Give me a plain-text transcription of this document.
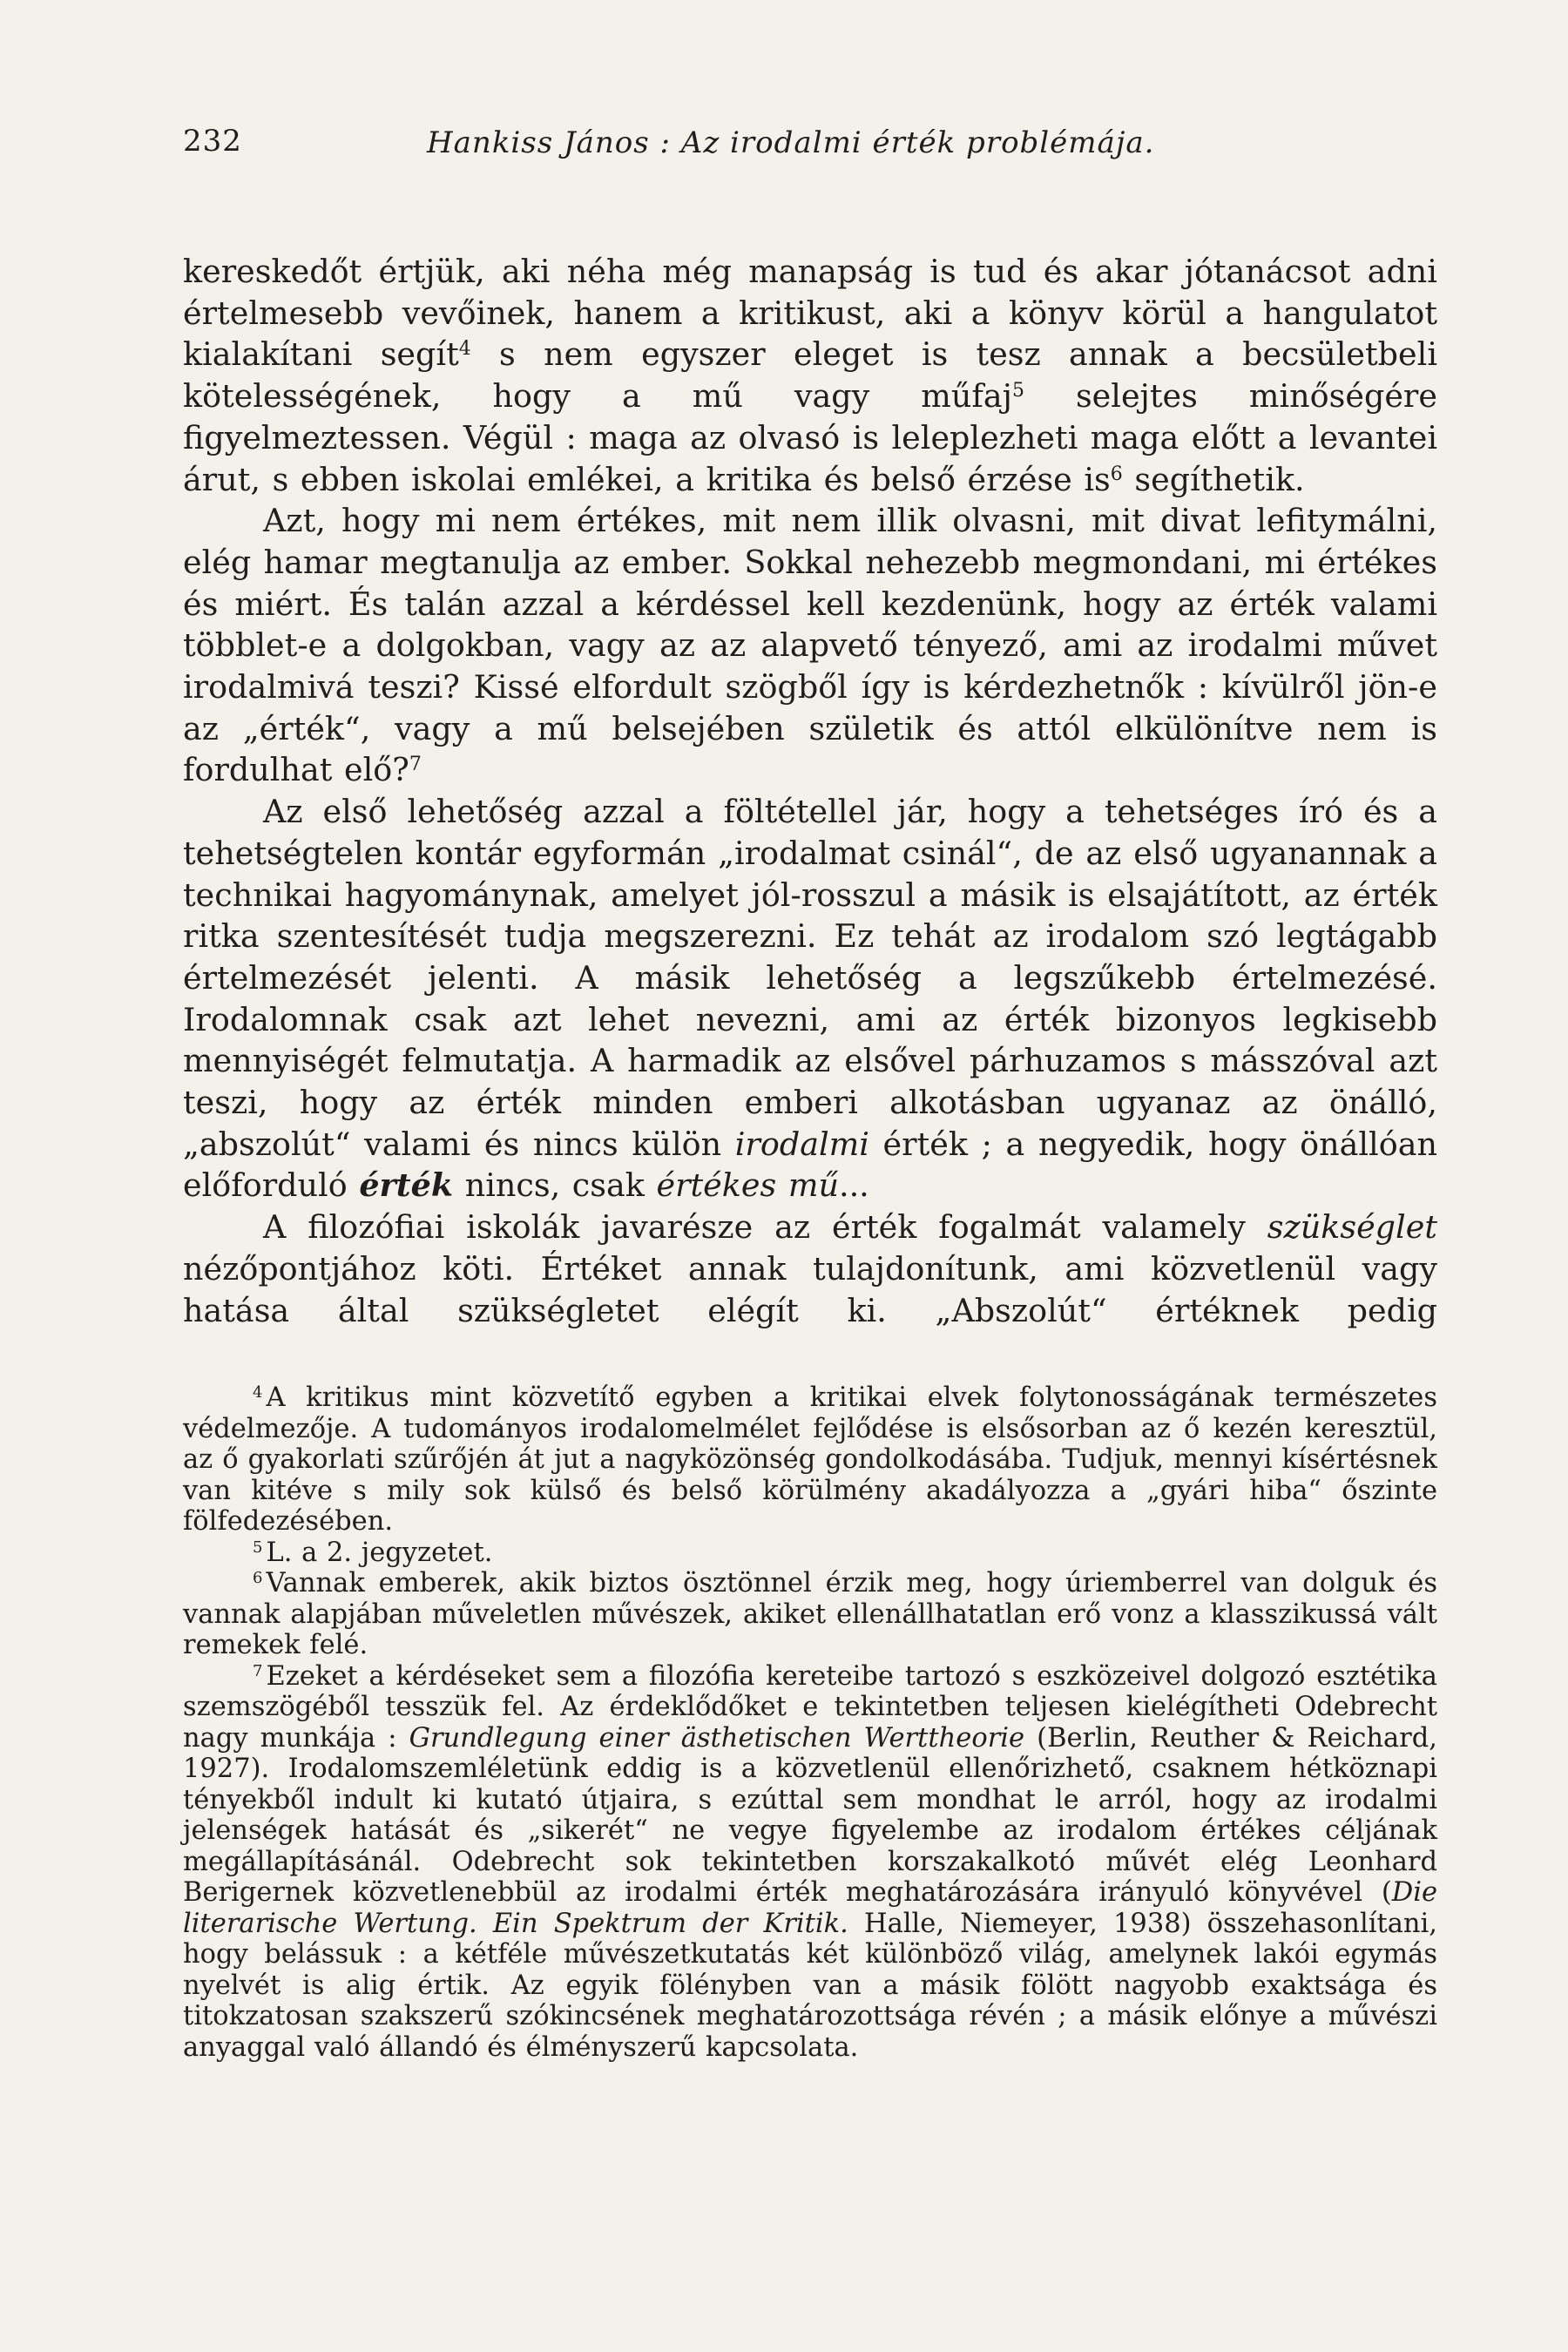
232	Hankiss János : Az irodalmi érték problémája.

kereskedőt értjük, aki néha még manapság is tud és akar jótanácsot adni értelmesebb vevőinek, hanem a kritikust, aki a könyv körül a hangulatot kialakítani segít$^4$ s nem egyszer eleget is tesz annak a becsületbeli kötelességének, hogy a mű vagy műfaj$^5$ selejtes minőségére figyelmeztessen. Végül : maga az olvasó is leleplezheti maga előtt a levantei árut, s ebben iskolai emlékei, a kritika és belső érzése $is^6$ segíthetik.

Azt, hogy mi nem értékes, mit nem illik olvasni, mit divat lefitymálni, elég hamar megtanulja az ember. Sokkal nehezebb megmondani, mi értékes és miért. És talán azzal a kérdéssel kell kezdenünk, hogy az érték valami többlet-e a dolgokban, vagy az az alapvető tényező, ami az irodalmi művet irodalmivá teszi? Kissé elfordult szögből így is kérdezhetnők : kívülről jön-e az „érték“, vagy a mű belsejében születik és attól elkülönítve nem is fordulhat elő?$^7$

Az első lehetőség azzal a föltétellel jár, hogy a tehetséges író és a tehetségtelen kontár egyformán „irodalmat csinál“, de az első ugyanannak a technikai hagyománynak, amelyet jól-rosszul a másik is elsajátított, az érték ritka szentesítését tudja megszerezni. Ez tehát az irodalom szó legtágabb értelmezését jelenti. A másik lehetőség a legszűkebb értelmezésé. Irodalomnak csak azt lehet nevezni, ami az érték bizonyos legkisebb mennyiségét felmutatja. A harmadik az elsővel párhuzamos s másszóval azt teszi, hogy az érték minden emberi alkotásban ugyanaz az önálló, „abszolút“ valami és nincs külön irodalmi érték ; a negyedik, hogy önállóan előforduló érték nincs, csak értékes mű...

A filozófiai iskolák javarésze az érték fogalmát valamely szükséglet nézőpontjához köti. Értéket annak tulajdonítunk, ami közvetlenül vagy hatása által szükségletet elégít ki. „Abszolút“ értéknek pedig

$^4$ A kritikus mint közvetítő egyben a kritikai elvek folytonosságának természetes védelmezője. A tudományos irodalomelmélet fejlődése is elsősorban az ő kezén keresztül, az ő gyakorlati szűrőjén át jut a nagyközönség gondolkodásába. Tudjuk, mennyi kísértésnek van kitéve s mily sok külső és belső körülmény akadályozza a „gyári hiba“ őszinte fölfedezésében.

$^5$ L. a 2. jegyzetet.

$^6$ Vannak emberek, akik biztos ösztönnel érzik meg, hogy úriemberrel van dolguk és vannak alapjában műveletlen művészek, akiket ellenállhatatlan erő vonz a klasszikussá vált remekek felé.

$^7$ Ezeket a kérdéseket sem a filozófia kereteibe tartozó s eszközeivel dolgozó esztétika szemszögéből tesszük fel. Az érdeklődőket e tekintetben teljesen kielégítheti Odebrecht nagy munkája : Grundlegung einer ästhetischen Werttheorie (Berlin, Reuther & Reichard, 1927). Irodalomszemléletünk eddig is a közvetlenül ellenőrizhető, csaknem hétköznapi tényekből indult ki kutató útjaira, s ezúttal sem mondhat le arról, hogy az irodalmi jelenségek hatását és „sikerét“ ne vegye figyelembe az irodalom értékes céljának megállapításánál. Odebrecht sok tekintetben korszakalkotó művét elég Leonhard Berigernek közvetlenebbül az irodalmi érték meghatározására irányuló könyvével (Die literarische Wertung. Ein Spektrum der Kritik. Halle, Niemeyer, 1938) összehasonlítani, hogy belássuk : a kétféle művészetkutatás két különböző világ, amelynek lakói egymás nyelvét is alig értik. Az egyik fölényben van a másik fölött nagyobb exaktsága és titokzatosan szakszerű szókincsének meghatározottsága révén ; a másik előnye a művészi anyaggal való állandó és élményszerű kapcsolata.
